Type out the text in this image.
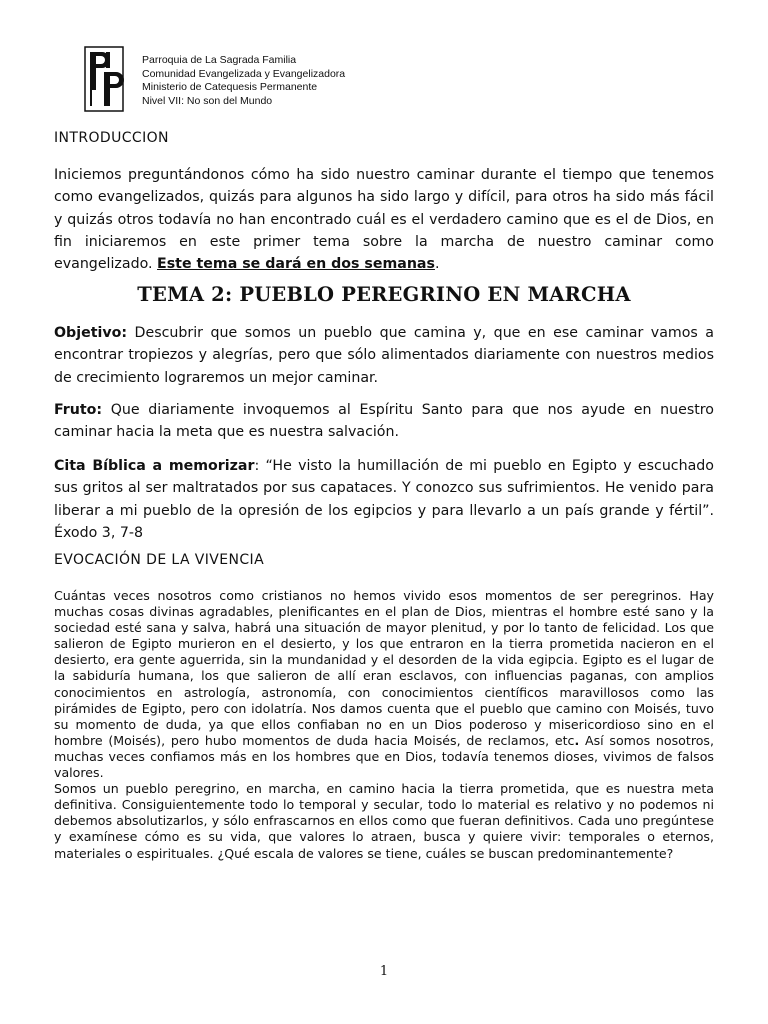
Parroquia de La Sagrada Familia
Comunidad Evangelizada y Evangelizadora
Ministerio de Catequesis Permanente
Nivel VII: No son del Mundo
INTRODUCCION
Iniciemos preguntándonos cómo ha sido nuestro caminar durante el tiempo que tenemos como evangelizados, quizás para algunos ha sido largo y difícil, para otros ha sido más fácil y quizás otros todavía no han encontrado cuál es el verdadero camino que es el de Dios, en fin iniciaremos en este primer tema sobre la marcha de nuestro caminar como evangelizado. Este tema se dará en dos semanas.
TEMA 2: PUEBLO PEREGRINO EN MARCHA
Objetivo: Descubrir que somos un pueblo que camina y, que en ese caminar vamos a encontrar tropiezos y alegrías, pero que sólo alimentados diariamente con nuestros medios de crecimiento lograremos un mejor caminar.
Fruto: Que diariamente invoquemos al Espíritu Santo para que nos ayude en nuestro caminar hacia la meta que es nuestra salvación.
Cita Bíblica a memorizar: “He visto la humillación de mi pueblo en Egipto y escuchado sus gritos al ser maltratados por sus capataces. Y conozco sus sufrimientos. He venido para liberar a mi pueblo de la opresión de los egipcios y para llevarlo a un país grande y fértil”. Éxodo 3, 7-8
EVOCACIÓN DE LA VIVENCIA
Cuántas veces nosotros como cristianos no hemos vivido esos momentos de ser peregrinos. Hay muchas cosas divinas agradables, plenificantes en el plan de Dios, mientras el hombre esté sano y la sociedad esté sana y salva, habrá una situación de mayor plenitud, y por lo tanto de felicidad. Los que salieron de Egipto murieron en el desierto, y los que entraron en la tierra prometida nacieron en el desierto, era gente aguerrida, sin la mundanidad y el desorden de la vida egipcia. Egipto es el lugar de la sabiduría humana, los que salieron de allí eran esclavos, con influencias paganas, con amplios conocimientos en astrología, astronomía, con conocimientos científicos maravillosos como las pirámides de Egipto, pero con idolatría. Nos damos cuenta que el pueblo que camino con Moisés, tuvo su momento de duda, ya que ellos confiaban no en un Dios poderoso y misericordioso sino en el hombre (Moisés), pero hubo momentos de duda hacia Moisés, de reclamos, etc. Así somos nosotros, muchas veces confiamos más en los hombres que en Dios, todavía tenemos dioses, vivimos de falsos valores.
Somos un pueblo peregrino, en marcha, en camino hacia la tierra prometida, que es nuestra meta definitiva. Consiguientemente todo lo temporal y secular, todo lo material es relativo y no podemos ni debemos absolutizarlos, y sólo enfrascarnos en ellos como que fueran definitivos. Cada uno pregúntese y examínese cómo es su vida, que valores lo atraen, busca y quiere vivir: temporales o eternos, materiales o espirituales. ¿Qué escala de valores se tiene, cuáles se buscan predominantemente?
1
